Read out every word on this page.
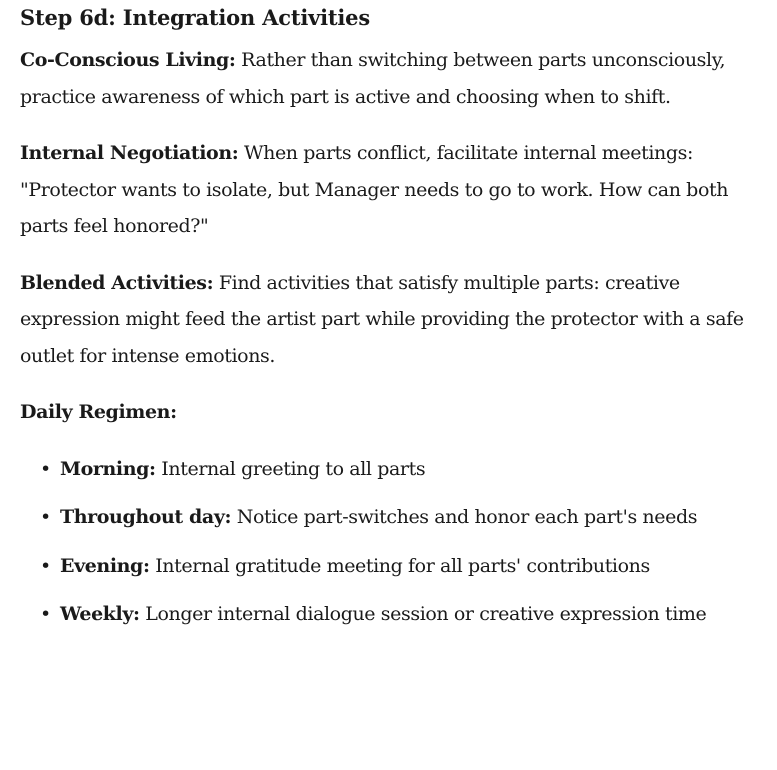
Step 6d: Integration Activities

Co-Conscious Living: Rather than switching between parts unconsciously, practice awareness of which part is active and choosing when to shift.

Internal Negotiation: When parts conflict, facilitate internal meetings: "Protector wants to isolate, but Manager needs to go to work. How can both parts feel honored?"

Blended Activities: Find activities that satisfy multiple parts: creative expression might feed the artist part while providing the protector with a safe outlet for intense emotions.

Daily Regimen:

• Morning: Internal greeting to all parts
• Throughout day: Notice part-switches and honor each part's needs
• Evening: Internal gratitude meeting for all parts' contributions
• Weekly: Longer internal dialogue session or creative expression time
